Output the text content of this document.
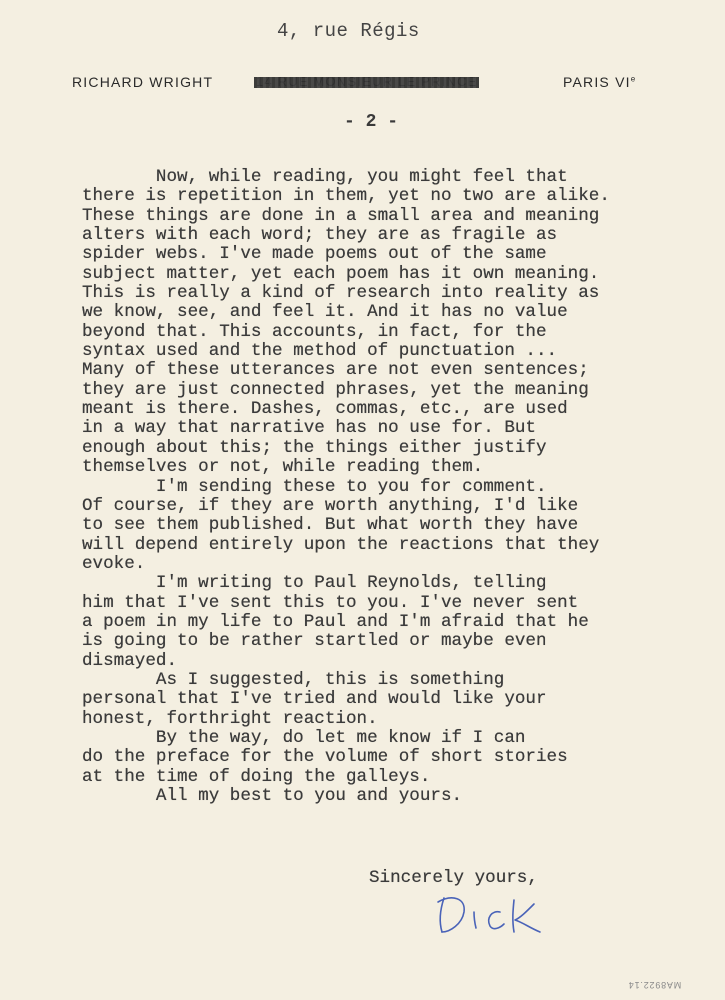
4, rue Régis
RICHARD WRIGHT	PARIS VIe
- 2 -
Now, while reading, you might feel that
there is repetition in them, yet no two are alike.
These things are done in a small area and meaning
alters with each word; they are as fragile as
spider webs. I've made poems out of the same
subject matter, yet each poem has it own meaning.
This is really a kind of research into reality as
we know, see, and feel it. And it has no value
beyond that. This accounts, in fact, for the
syntax used and the method of punctuation ...
Many of these utterances are not even sentences;
they are just connected phrases, yet the meaning
meant is there. Dashes, commas, etc., are used
in a way that narrative has no use for. But
enough about this; the things either justify
themselves or not, while reading them.
I'm sending these to you for comment.
Of course, if they are worth anything, I'd like
to see them published. But what worth they have
will depend entirely upon the reactions that they
evoke.
I'm writing to Paul Reynolds, telling
him that I've sent this to you. I've never sent
a poem in my life to Paul and I'm afraid that he
is going to be rather startled or maybe even
dismayed.
As I suggested, this is something
personal that I've tried and would like your
honest, forthright reaction.
By the way, do let me know if I can
do the preface for the volume of short stories
at the time of doing the galleys.
All my best to you and yours.
Sincerely yours,
MA8922.14
